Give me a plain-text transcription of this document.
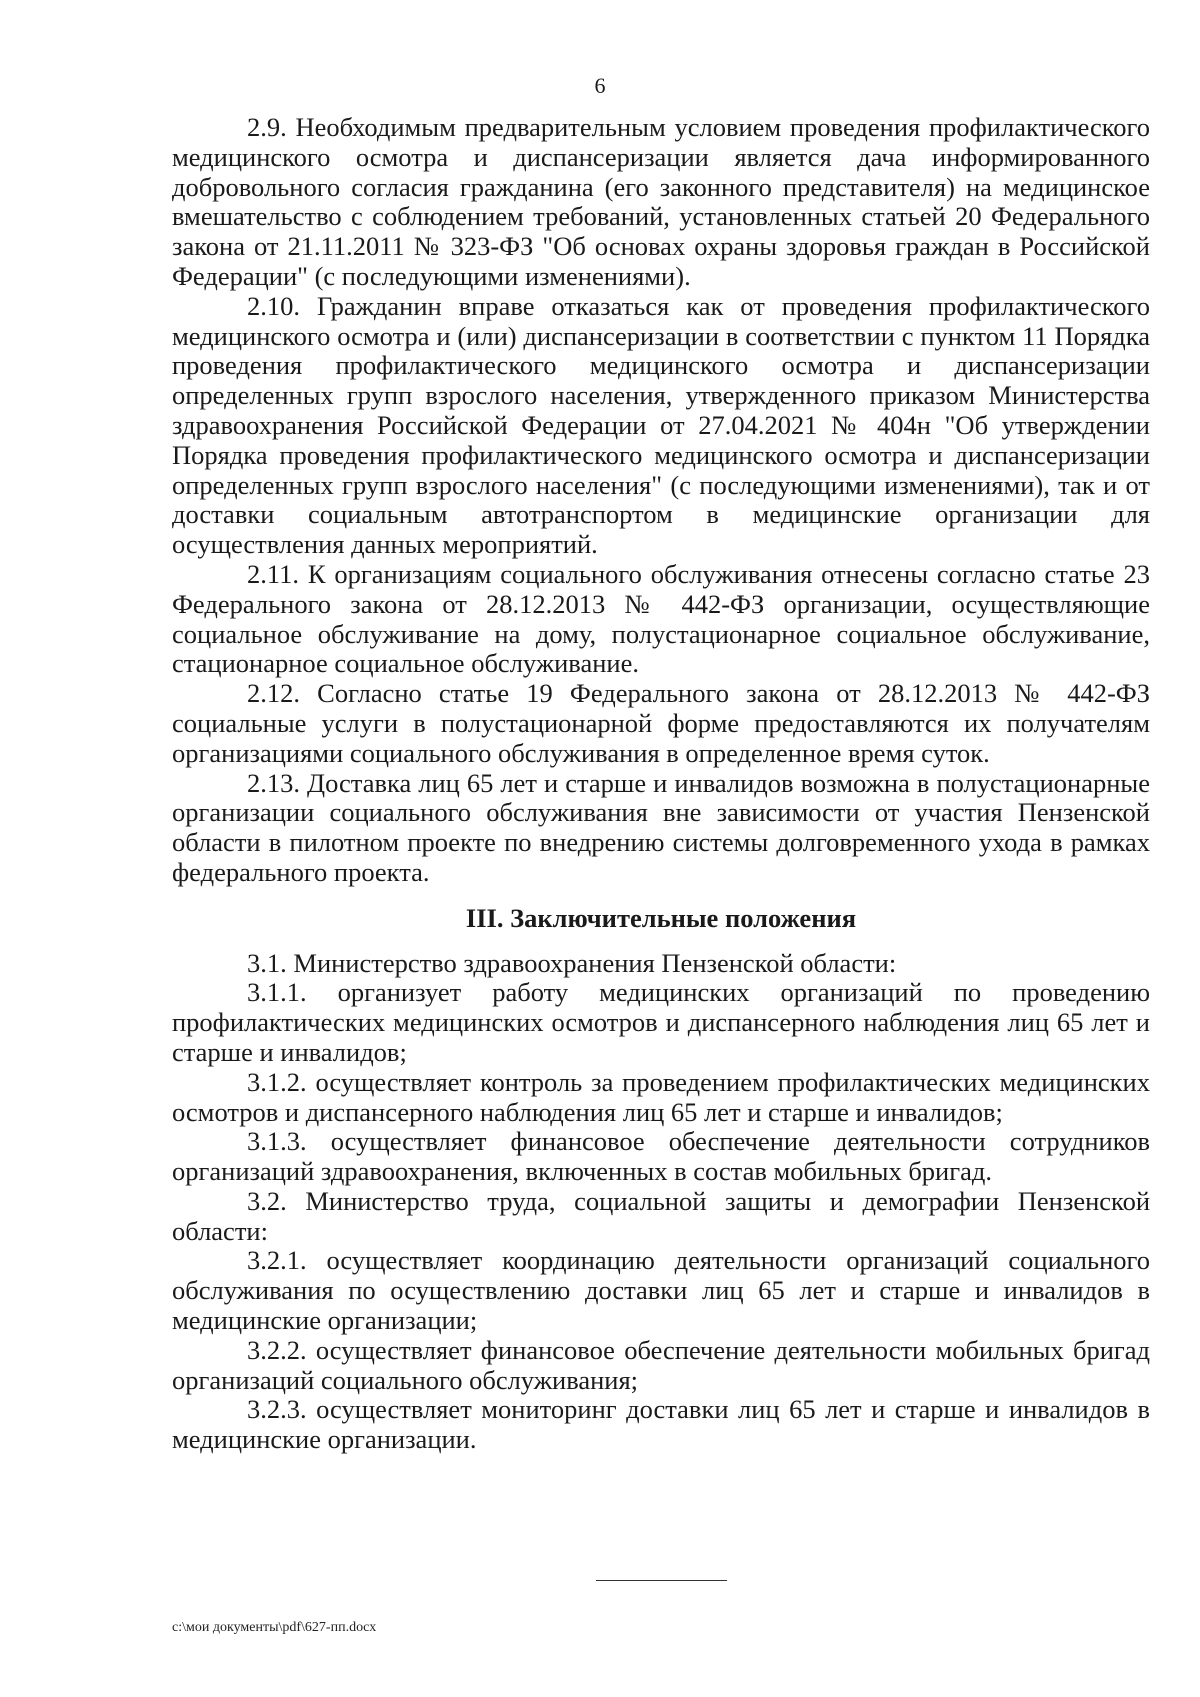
6

2.9. Необходимым предварительным условием проведения профилактического медицинского осмотра и диспансеризации является дача информированного добровольного согласия гражданина (его законного представителя) на медицинское вмешательство с соблюдением требований, установленных статьей 20 Федерального закона от 21.11.2011 № 323-ФЗ "Об основах охраны здоровья граждан в Российской Федерации" (с последующими изменениями).

2.10. Гражданин вправе отказаться как от проведения профилактического медицинского осмотра и (или) диспансеризации в соответствии с пунктом 11 Порядка проведения профилактического медицинского осмотра и диспансеризации определенных групп взрослого населения, утвержденного приказом Министерства здравоохранения Российской Федерации от 27.04.2021 № 404н "Об утверждении Порядка проведения профилактического медицинского осмотра и диспансеризации определенных групп взрослого населения" (с последующими изменениями), так и от доставки социальным автотранспортом в медицинские организации для осуществления данных мероприятий.

2.11. К организациям социального обслуживания отнесены согласно статье 23 Федерального закона от 28.12.2013 № 442-ФЗ организации, осуществляющие социальное обслуживание на дому, полустационарное социальное обслуживание, стационарное социальное обслуживание.

2.12. Согласно статье 19 Федерального закона от 28.12.2013 № 442-ФЗ социальные услуги в полустационарной форме предоставляются их получателям организациями социального обслуживания в определенное время суток.

2.13. Доставка лиц 65 лет и старше и инвалидов возможна в полустационарные организации социального обслуживания вне зависимости от участия Пензенской области в пилотном проекте по внедрению системы долговременного ухода в рамках федерального проекта.

III. Заключительные положения

3.1. Министерство здравоохранения Пензенской области:

3.1.1. организует работу медицинских организаций по проведению профилактических медицинских осмотров и диспансерного наблюдения лиц 65 лет и старше и инвалидов;

3.1.2. осуществляет контроль за проведением профилактических медицинских осмотров и диспансерного наблюдения лиц 65 лет и старше и инвалидов;

3.1.3. осуществляет финансовое обеспечение деятельности сотрудников организаций здравоохранения, включенных в состав мобильных бригад.

3.2. Министерство труда, социальной защиты и демографии Пензенской области:

3.2.1. осуществляет координацию деятельности организаций социального обслуживания по осуществлению доставки лиц 65 лет и старше и инвалидов в медицинские организации;

3.2.2. осуществляет финансовое обеспечение деятельности мобильных бригад организаций социального обслуживания;

3.2.3. осуществляет мониторинг доставки лиц 65 лет и старше и инвалидов в медицинские организации.

c:\мои документы\pdf\627-пп.docx
